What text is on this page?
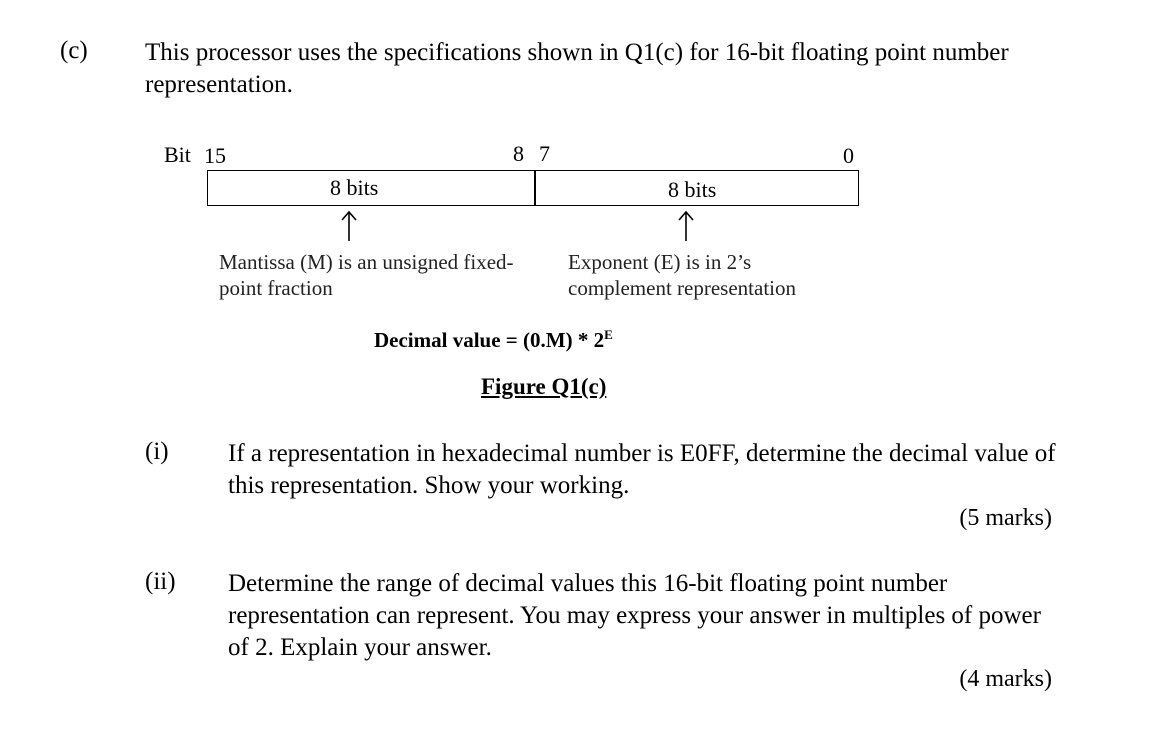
(c) This processor uses the specifications shown in Q1(c) for 16-bit floating point number representation.
Bit 15	8 7	0
8 bits	8 bits
Mantissa (M) is an unsigned fixed-point fraction
Exponent (E) is in 2’s complement representation
Decimal value = $(0.M) * 2^E$
Figure Q1(c)
(i) If a representation in hexadecimal number is E0FF, determine the decimal value of this representation. Show your working.
(5 marks)
(ii) Determine the range of decimal values this 16-bit floating point number representation can represent. You may express your answer in multiples of power of 2. Explain your answer.
(4 marks)
